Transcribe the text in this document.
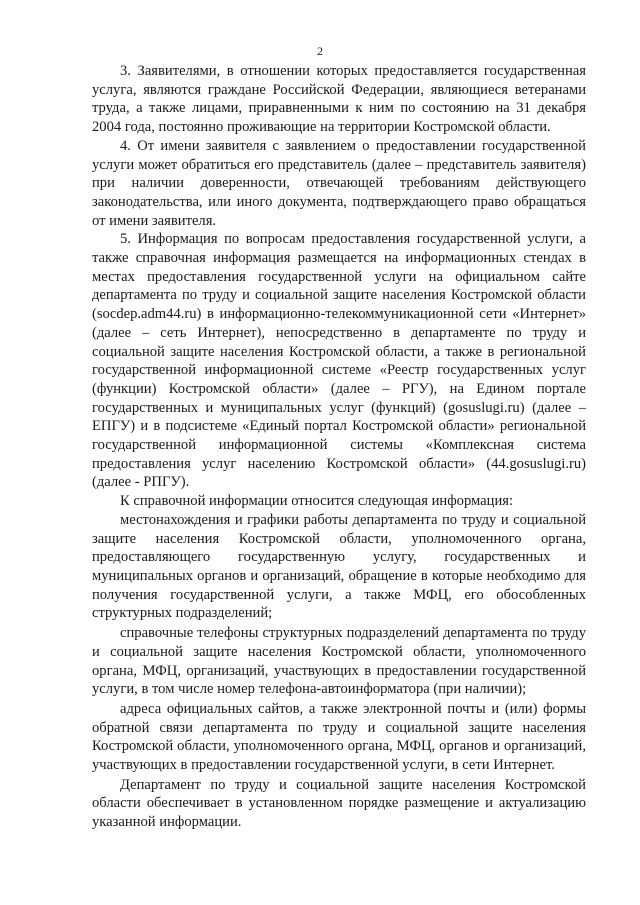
2

3. Заявителями, в отношении которых предоставляется государственная услуга, являются граждане Российской Федерации, являющиеся ветеранами труда, а также лицами, приравненными к ним по состоянию на 31 декабря 2004 года, постоянно проживающие на территории Костромской области.

4. От имени заявителя с заявлением о предоставлении государственной услуги может обратиться его представитель (далее – представитель заявителя) при наличии доверенности, отвечающей требованиям действующего законодательства, или иного документа, подтверждающего право обращаться от имени заявителя.

5. Информация по вопросам предоставления государственной услуги, а также справочная информация размещается на информационных стендах в местах предоставления государственной услуги на официальном сайте департамента по труду и социальной защите населения Костромской области (socdep.adm44.ru) в информационно-телекоммуникационной сети «Интернет» (далее – сеть Интернет), непосредственно в департаменте по труду и социальной защите населения Костромской области, а также в региональной государственной информационной системе «Реестр государственных услуг (функции) Костромской области» (далее – РГУ), на Едином портале государственных и муниципальных услуг (функций) (gosuslugi.ru) (далее – ЕПГУ) и в подсистеме «Единый портал Костромской области» региональной государственной информационной системы «Комплексная система предоставления услуг населению Костромской области» (44.gosuslugi.ru) (далее - РПГУ).

К справочной информации относится следующая информация:

местонахождения и графики работы департамента по труду и социальной защите населения Костромской области, уполномоченного органа, предоставляющего государственную услугу, государственных и муниципальных органов и организаций, обращение в которые необходимо для получения государственной услуги, а также МФЦ, его обособленных структурных подразделений;

справочные телефоны структурных подразделений департамента по труду и социальной защите населения Костромской области, уполномоченного органа, МФЦ, организаций, участвующих в предоставлении государственной услуги, в том числе номер телефона-автоинформатора (при наличии);

адреса официальных сайтов, а также электронной почты и (или) формы обратной связи департамента по труду и социальной защите населения Костромской области, уполномоченного органа, МФЦ, органов и организаций, участвующих в предоставлении государственной услуги, в сети Интернет.

Департамент по труду и социальной защите населения Костромской области обеспечивает в установленном порядке размещение и актуализацию указанной информации.
